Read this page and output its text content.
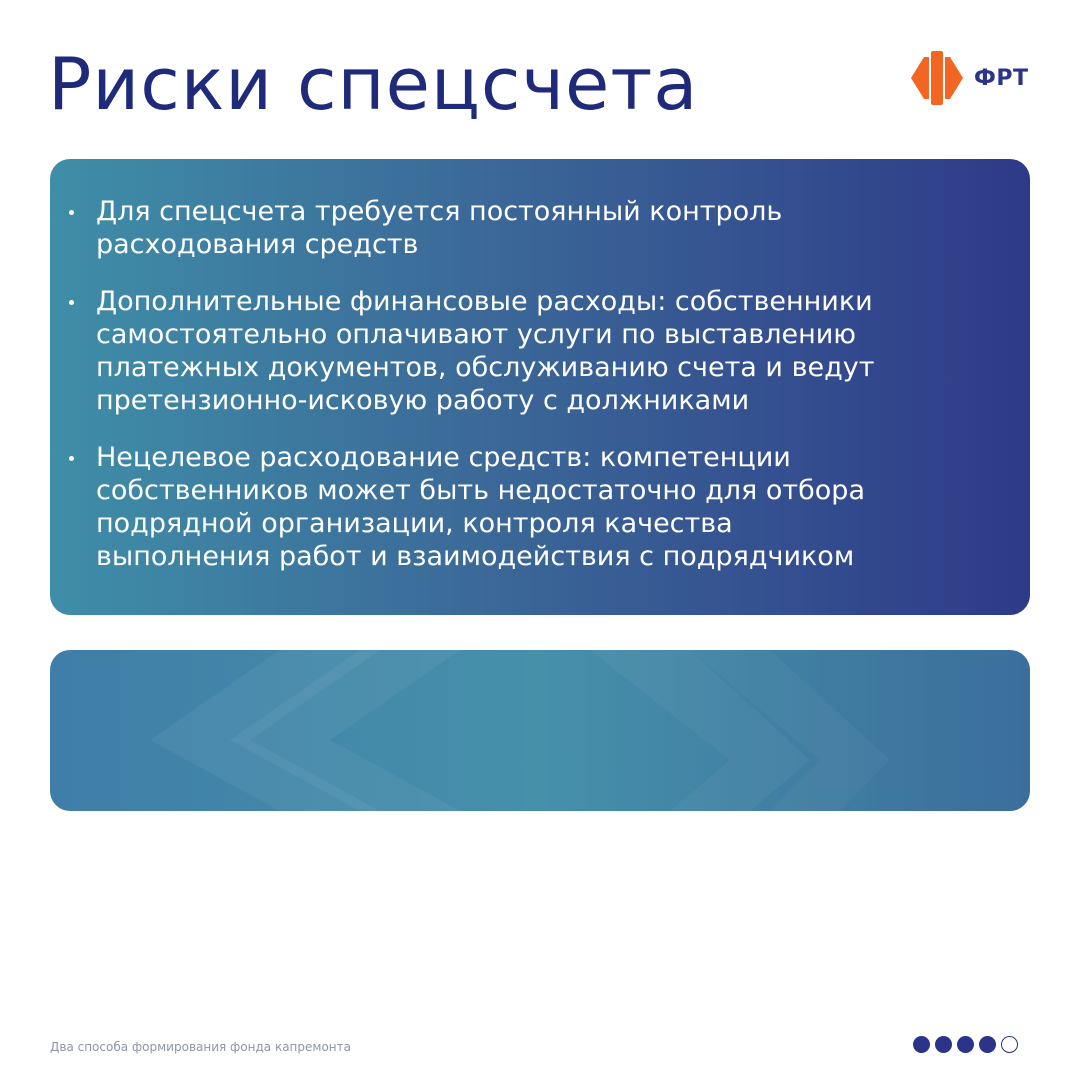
Риски спецсчета	ФРТ
Для спецсчета требуется постоянный контроль
расходования средств
Дополнительные финансовые расходы: собственники
самостоятельно оплачивают услуги по выставлению
платежных документов, обслуживанию счета и ведут
претензионно-исковую работу с должниками
Нецелевое расходование средств: компетенции
собственников может быть недостаточно для отбора
подрядной организации, контроля качества
выполнения работ и взаимодействия с подрядчиком
Два способа формирования фонда капремонта
